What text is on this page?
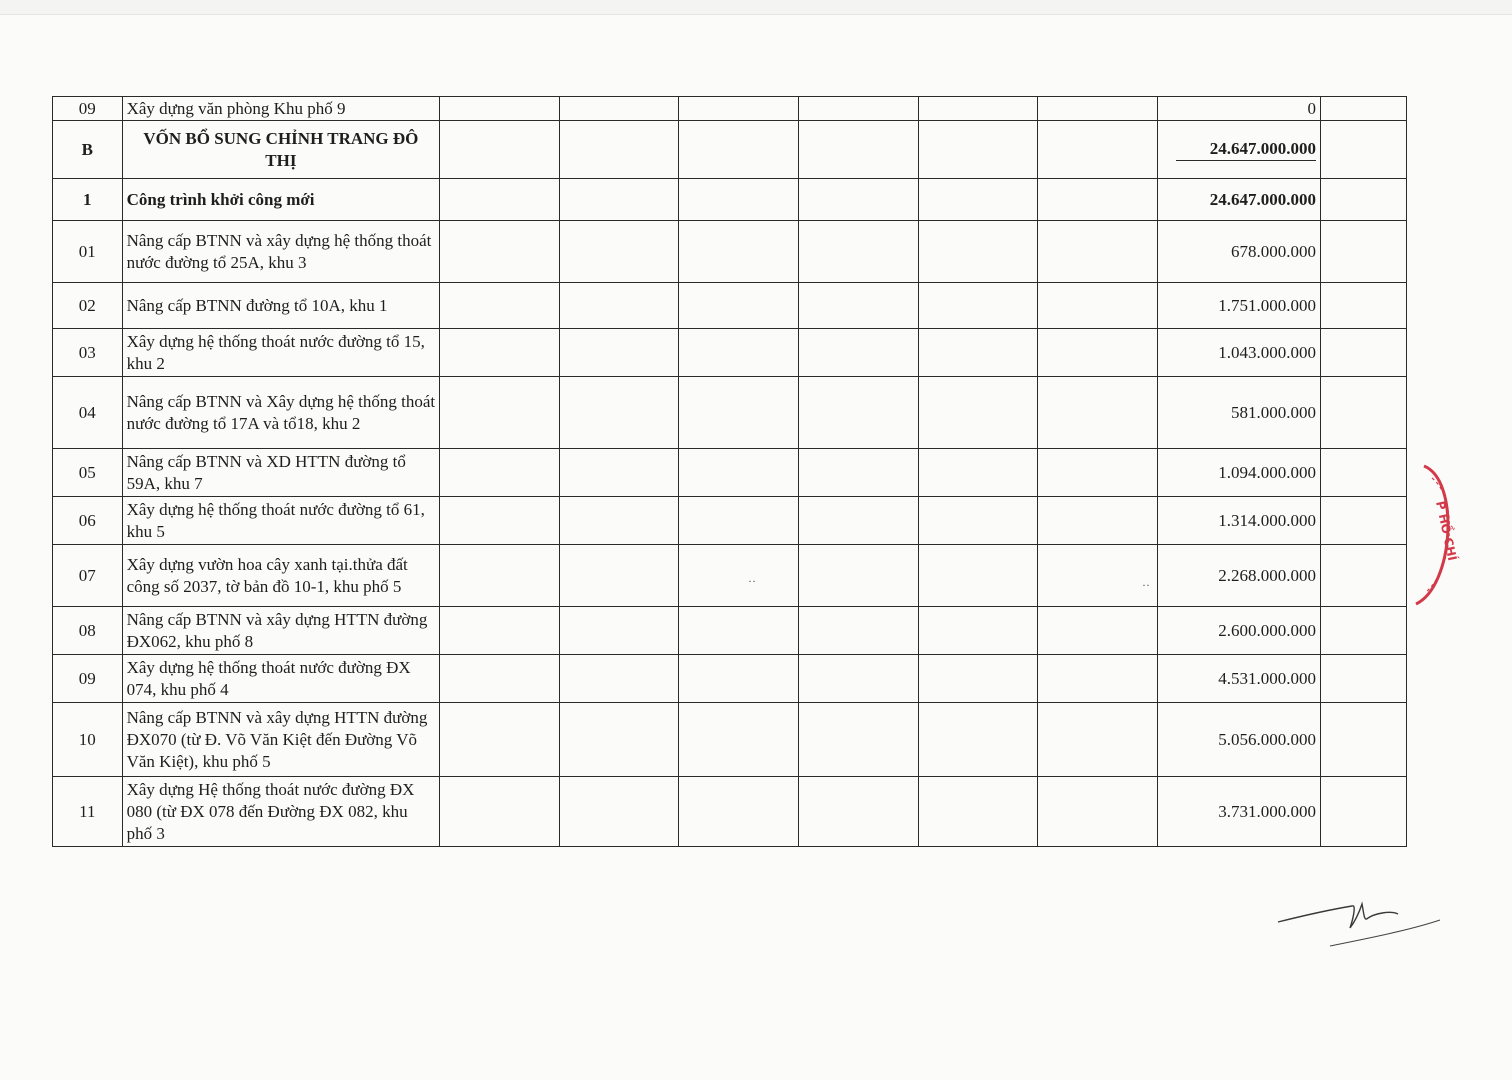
09	Xây dựng văn phòng Khu phố 9							0	
B	VỐN BỔ SUNG CHỈNH TRANG ĐÔ THỊ							24.647.000.000	
1	Công trình khởi công mới							24.647.000.000	
01	Nâng cấp BTNN và xây dựng hệ thống thoát nước đường tổ 25A, khu 3							678.000.000	
02	Nâng cấp BTNN đường tổ 10A, khu 1							1.751.000.000	
03	Xây dựng hệ thống thoát nước đường tổ 15, khu 2							1.043.000.000	
04	Nâng cấp BTNN và Xây dựng hệ thống thoát nước đường tổ 17A và tổ18, khu 2							581.000.000	
05	Nâng cấp BTNN và XD HTTN đường tổ 59A, khu 7							1.094.000.000	
06	Xây dựng hệ thống thoát nước đường tổ 61, khu 5							1.314.000.000	
07	Xây dựng vườn hoa cây xanh tại.thửa đất công số 2037, tờ bản đồ 10-1, khu phố 5							2.268.000.000	
08	Nâng cấp BTNN và xây dựng HTTN đường ĐX062, khu phố 8							2.600.000.000	
09	Xây dựng hệ thống thoát nước đường ĐX 074, khu phố 4							4.531.000.000	
10	Nâng cấp BTNN và xây dựng HTTN đường ĐX070 (từ Đ. Võ Văn Kiệt đến Đường Võ Văn Kiệt), khu phố 5							5.056.000.000	
11	Xây dựng Hệ thống thoát nước đường ĐX 080 (từ ĐX 078 đến Đường ĐX 082, khu phố 3							3.731.000.000	
··	··
P HỒ CHÍ
